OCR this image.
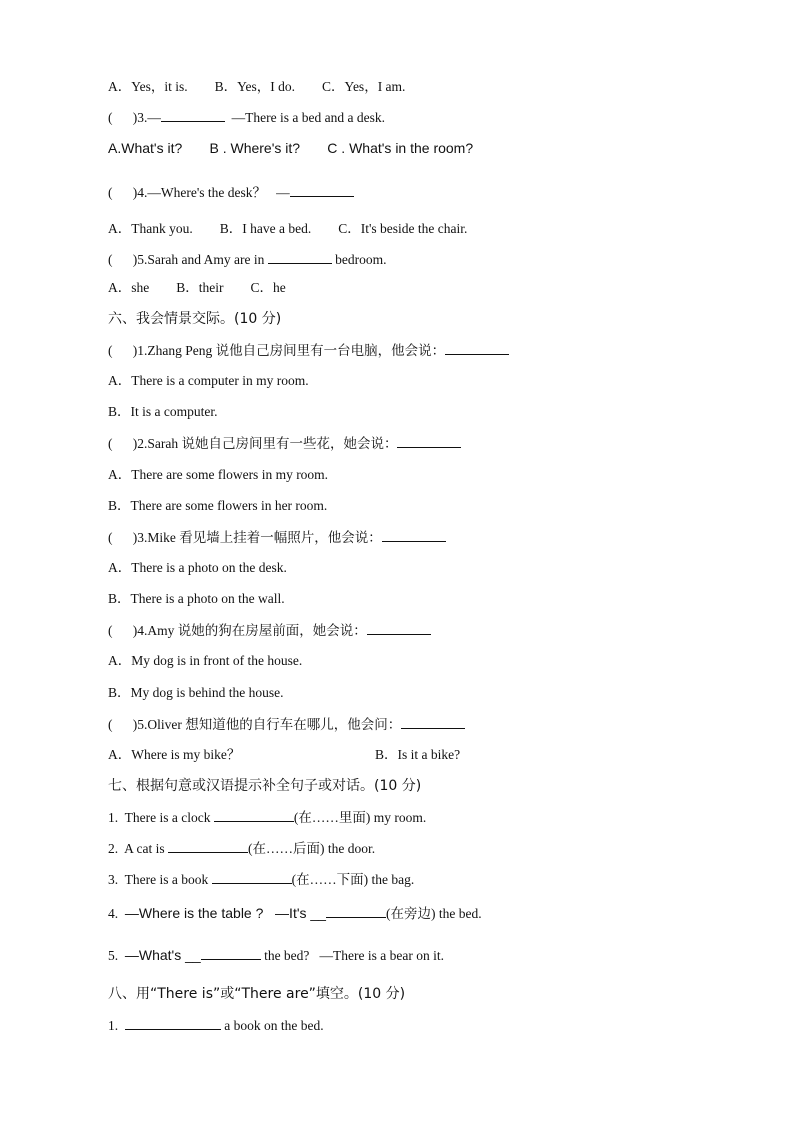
A．Yes，it is.        B．Yes，I do.        C．Yes，I am.
(      )3.—	—There is a bed and a desk.
A.What's it?       B . Where's it?       C . What's in the room?
(      )4.—Where's the desk？   —
A．Thank you.        B．I have a bed.        C．It's beside the chair.
(      )5.Sarah and Amy are in	bedroom.
A．she        B．their        C．he
六、我会情景交际。(10 分)
(      )1.Zhang Peng 说他自己房间里有一台电脑，他会说：
A．There is a computer in my room.
B．It is a computer.
(      )2.Sarah 说她自己房间里有一些花，她会说：
A．There are some flowers in my room.
B．There are some flowers in her room.
(      )3.Mike 看见墙上挂着一幅照片，他会说：
A．There is a photo on the desk.
B．There is a photo on the wall.
(      )4.Amy 说她的狗在房屋前面，她会说：
A．My dog is in front of the house.
B．My dog is behind the house.
(      )5.Oliver 想知道他的自行车在哪儿，他会问：
A．Where is my bike？	B．Is it a bike?
七、根据句意或汉语提示补全句子或对话。(10 分)
1.  There is a clock	(在……里面) my room.
2.  A cat is	(在……后面) the door.
3.  There is a book	(在……下面) the bag.
4.  —Where is the table ?   —It's __	(在旁边) the bed.
5.  —What's __	the bed?   —There is a bear on it.
八、用“There is”或“There are”填空。(10 分)
1.	a book on the bed.
